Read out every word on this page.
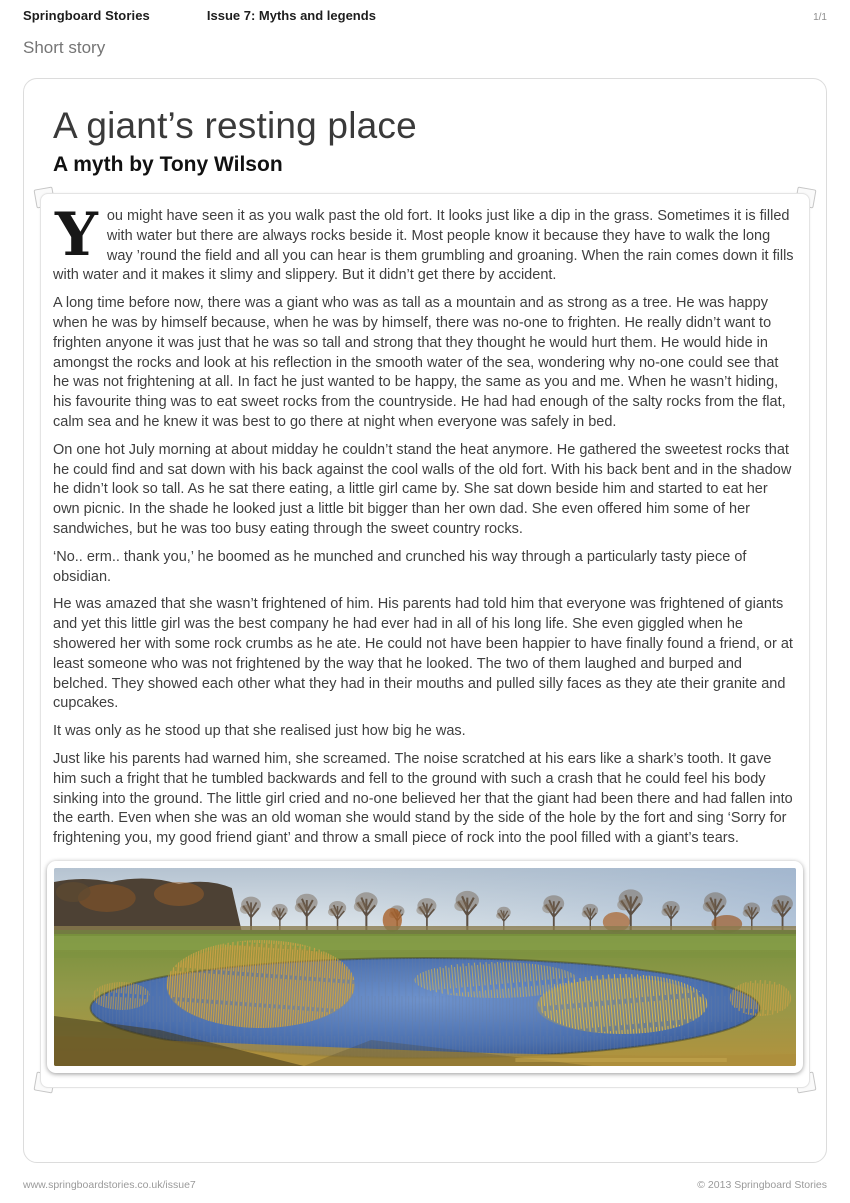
Springboard Stories	Issue 7: Myths and legends	1/1
Short story
A giant’s resting place
A myth by Tony Wilson

You might have seen it as you walk past the old fort. It looks just like a dip in the grass. Sometimes it is filled with water but there are always rocks beside it. Most people know it because they have to walk the long way ’round the field and all you can hear is them grumbling and groaning. When the rain comes down it fills with water and it makes it slimy and slippery. But it didn’t get there by accident.

A long time before now, there was a giant who was as tall as a mountain and as strong as a tree. He was happy when he was by himself because, when he was by himself, there was no-one to frighten. He really didn’t want to frighten anyone it was just that he was so tall and strong that they thought he would hurt them. He would hide in amongst the rocks and look at his reflection in the smooth water of the sea, wondering why no-one could see that he was not frightening at all. In fact he just wanted to be happy, the same as you and me. When he wasn’t hiding, his favourite thing was to eat sweet rocks from the countryside. He had had enough of the salty rocks from the flat, calm sea and he knew it was best to go there at night when everyone was safely in bed.

On one hot July morning at about midday he couldn’t stand the heat anymore. He gathered the sweetest rocks that he could find and sat down with his back against the cool walls of the old fort. With his back bent and in the shadow he didn’t look so tall. As he sat there eating, a little girl came by. She sat down beside him and started to eat her own picnic. In the shade he looked just a little bit bigger than her own dad. She even offered him some of her sandwiches, but he was too busy eating through the sweet country rocks.

‘No.. erm.. thank you,’ he boomed as he munched and crunched his way through a particularly tasty piece of obsidian.

He was amazed that she wasn’t frightened of him. His parents had told him that everyone was frightened of giants and yet this little girl was the best company he had ever had in all of his long life. She even giggled when he showered her with some rock crumbs as he ate. He could not have been happier to have finally found a friend, or at least someone who was not frightened by the way that he looked. The two of them laughed and burped and belched. They showed each other what they had in their mouths and pulled silly faces as they ate their granite and cupcakes.

It was only as he stood up that she realised just how big he was.

Just like his parents had warned him, she screamed. The noise scratched at his ears like a shark’s tooth. It gave him such a fright that he tumbled backwards and fell to the ground with such a crash that he could feel his body sinking into the ground. The little girl cried and no-one believed her that the giant had been there and had fallen into the earth. Even when she was an old woman she would stand by the side of the hole by the fort and sing ‘Sorry for frightening you, my good friend giant’ and throw a small piece of rock into the pool filled with a giant’s tears.

www.springboardstories.co.uk/issue7	© 2013 Springboard Stories
